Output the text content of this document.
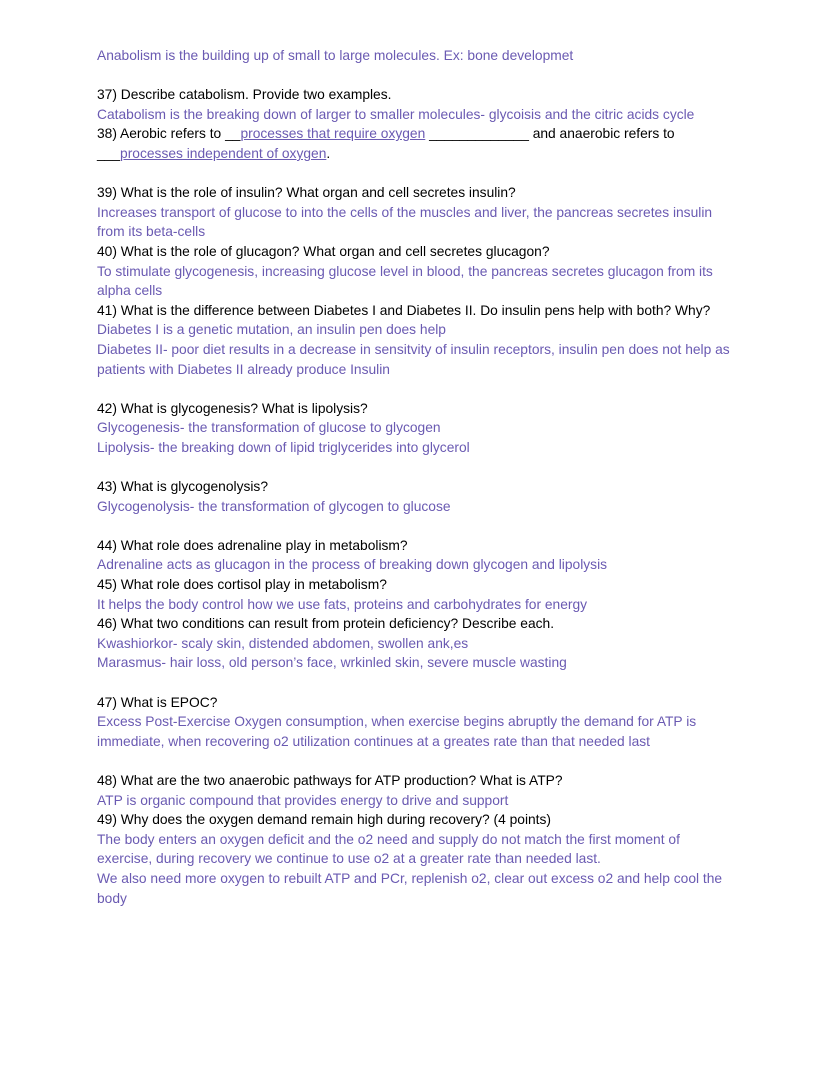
Anabolism is the building up of small to large molecules. Ex: bone developmet

37) Describe catabolism. Provide two examples.

Catabolism is the breaking down of larger to smaller molecules- glycoisis and the citric acids cycle

38) Aerobic refers to __processes that require oxygen _____________ and anaerobic refers to ___processes independent of oxygen.

39) What is the role of insulin? What organ and cell secretes insulin?

Increases transport of glucose to into the cells of the muscles and liver, the pancreas secretes insulin from its beta-cells

40) What is the role of glucagon? What organ and cell secretes glucagon?

To stimulate glycogenesis, increasing glucose level in blood, the pancreas secretes glucagon from its alpha cells

41) What is the difference between Diabetes I and Diabetes II. Do insulin pens help with both? Why?

Diabetes I is a genetic mutation, an insulin pen does help

Diabetes II- poor diet results in a decrease in sensitvity of insulin receptors, insulin pen does not help as patients with Diabetes II already produce Insulin

42) What is glycogenesis? What is lipolysis?

Glycogenesis- the transformation of glucose to glycogen

Lipolysis- the breaking down of lipid triglycerides into glycerol

43) What is glycogenolysis?

Glycogenolysis- the transformation of glycogen to glucose

44) What role does adrenaline play in metabolism?

Adrenaline acts as glucagon in the process of breaking down glycogen and lipolysis

45) What role does cortisol play in metabolism?

It helps the body control how we use fats, proteins and carbohydrates for energy

46) What two conditions can result from protein deficiency? Describe each.

Kwashiorkor- scaly skin, distended abdomen, swollen ank,es

Marasmus- hair loss, old person’s face, wrkinled skin, severe muscle wasting

47) What is EPOC?

Excess Post-Exercise Oxygen consumption, when exercise begins abruptly the demand for ATP is immediate, when recovering o2 utilization continues at a greates rate than that needed last

48) What are the two anaerobic pathways for ATP production? What is ATP?

ATP is organic compound that provides energy to drive and support

49) Why does the oxygen demand remain high during recovery? (4 points)

The body enters an oxygen deficit and the o2 need and supply do not match the first moment of exercise, during recovery we continue to use o2 at a greater rate than needed last.

We also need more oxygen to rebuilt ATP and PCr, replenish o2, clear out excess o2 and help cool the body
